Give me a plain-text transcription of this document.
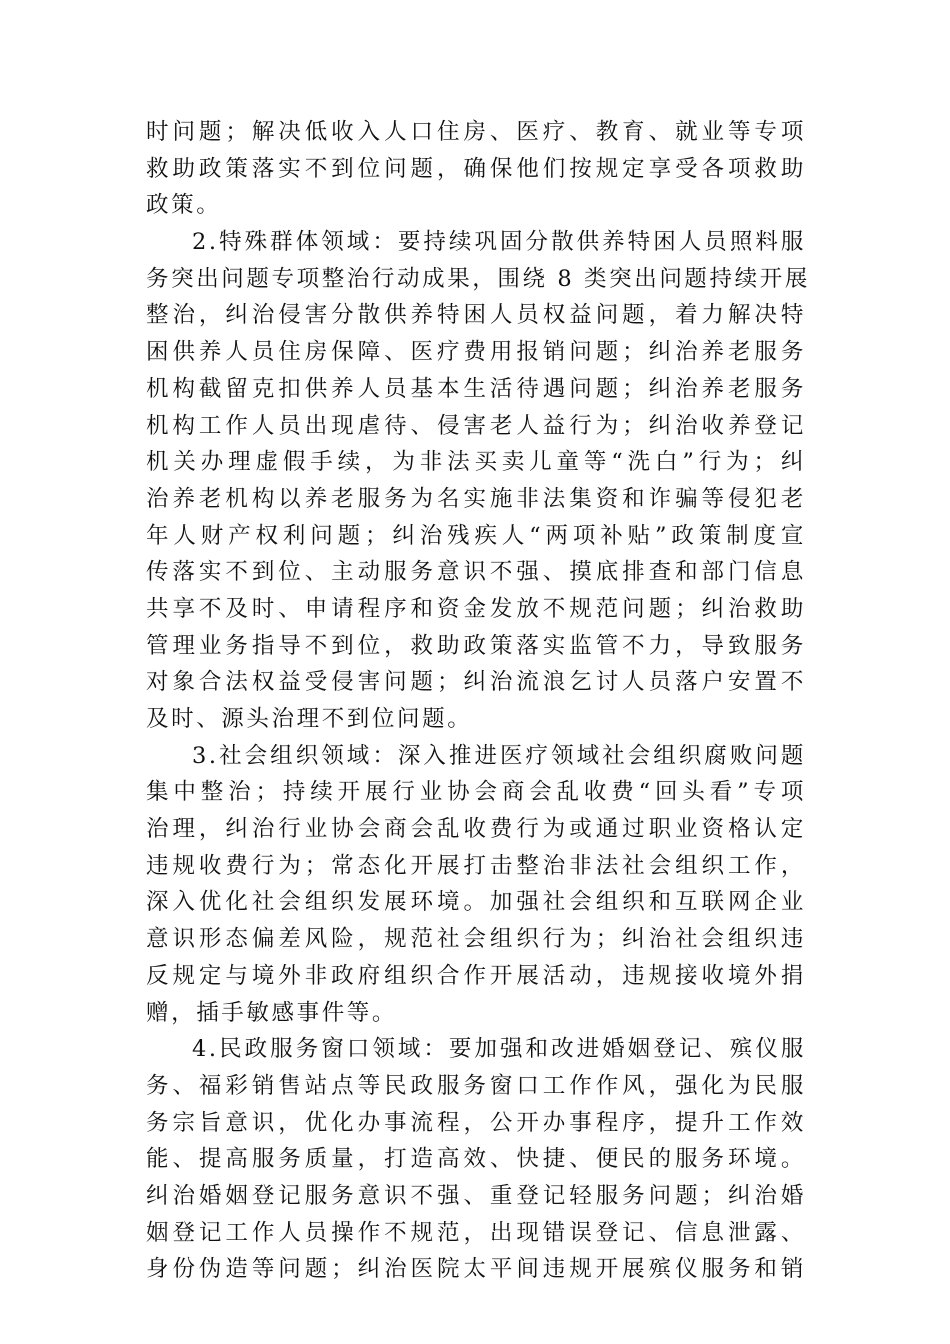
时问题；解决低收入人口住房、医疗、教育、就业等专项
救助政策落实不到位问题，确保他们按规定享受各项救助
政策。
2.特殊群体领域：要持续巩固分散供养特困人员照料服
务突出问题专项整治行动成果，围绕 8 类突出问题持续开展
整治，纠治侵害分散供养特困人员权益问题，着力解决特
困供养人员住房保障、医疗费用报销问题；纠治养老服务
机构截留克扣供养人员基本生活待遇问题；纠治养老服务
机构工作人员出现虐待、侵害老人益行为；纠治收养登记
机关办理虚假手续，为非法买卖儿童等“洗白”行为；纠
治养老机构以养老服务为名实施非法集资和诈骗等侵犯老
年人财产权利问题；纠治残疾人“两项补贴”政策制度宣
传落实不到位、主动服务意识不强、摸底排查和部门信息
共享不及时、申请程序和资金发放不规范问题；纠治救助
管理业务指导不到位，救助政策落实监管不力，导致服务
对象合法权益受侵害问题；纠治流浪乞讨人员落户安置不
及时、源头治理不到位问题。
3.社会组织领域：深入推进医疗领域社会组织腐败问题
集中整治；持续开展行业协会商会乱收费“回头看”专项
治理，纠治行业协会商会乱收费行为或通过职业资格认定
违规收费行为；常态化开展打击整治非法社会组织工作，
深入优化社会组织发展环境。加强社会组织和互联网企业
意识形态偏差风险，规范社会组织行为；纠治社会组织违
反规定与境外非政府组织合作开展活动，违规接收境外捐
赠，插手敏感事件等。
4.民政服务窗口领域：要加强和改进婚姻登记、殡仪服
务、福彩销售站点等民政服务窗口工作作风，强化为民服
务宗旨意识，优化办事流程，公开办事程序，提升工作效
能、提高服务质量，打造高效、快捷、便民的服务环境。
纠治婚姻登记服务意识不强、重登记轻服务问题；纠治婚
姻登记工作人员操作不规范，出现错误登记、信息泄露、
身份伪造等问题；纠治医院太平间违规开展殡仪服务和销
